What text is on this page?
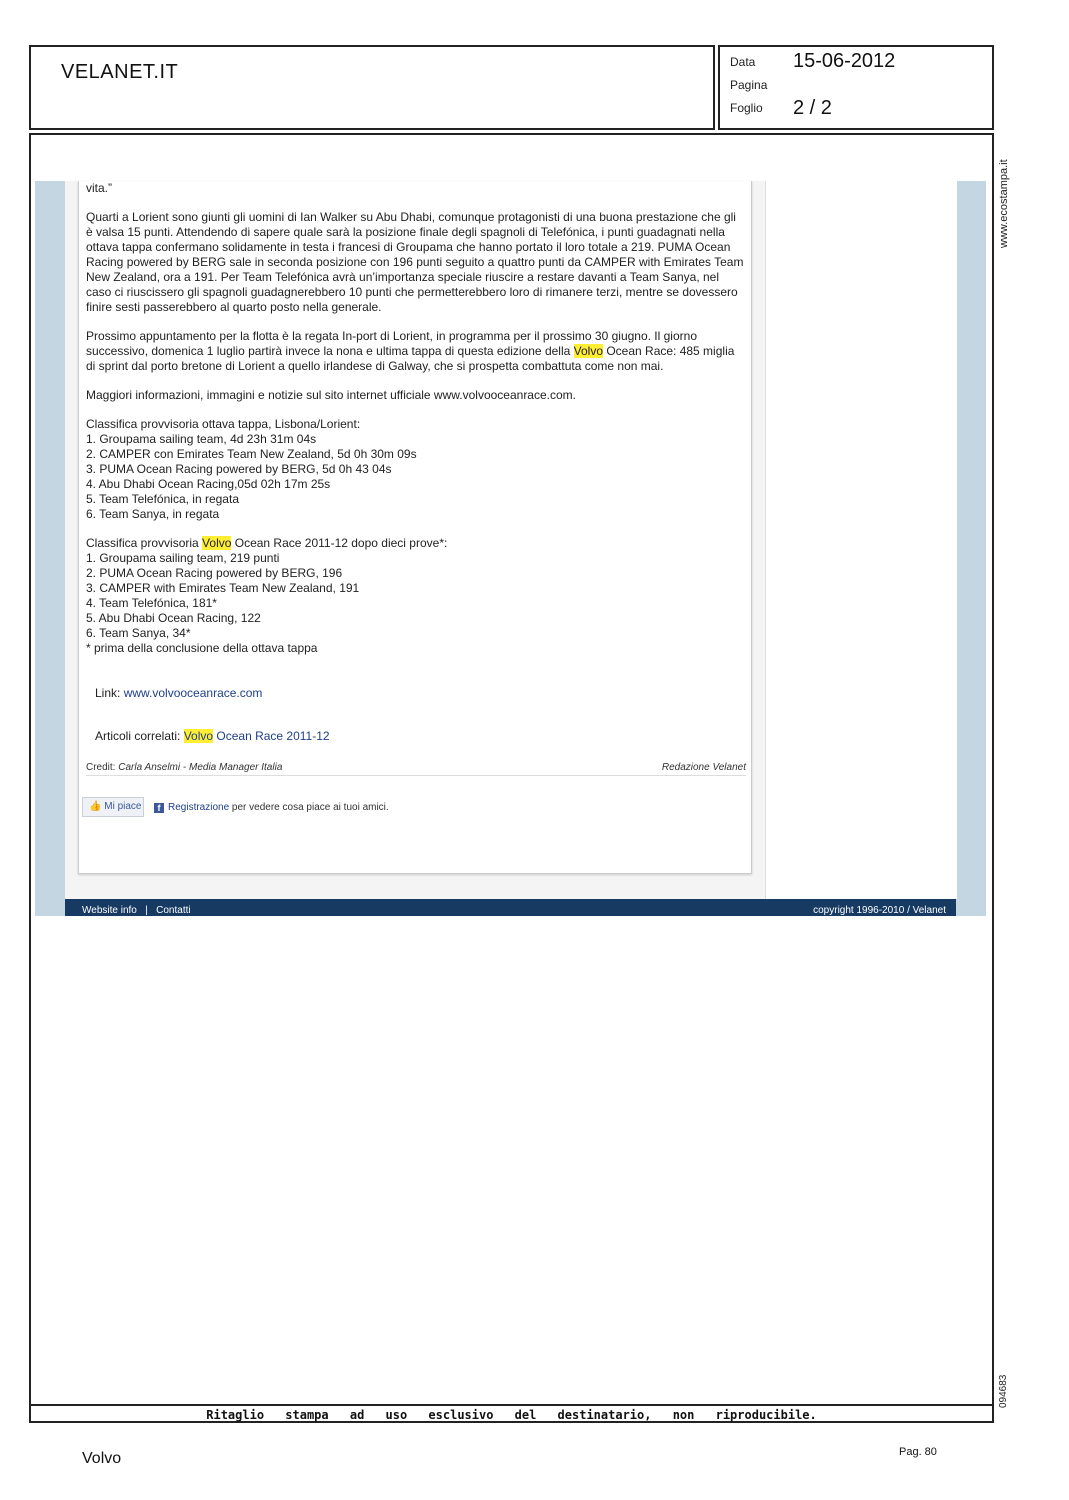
VELANET.IT	Data 15-06-2012
Pagina
Foglio 2 / 2
www.ecostampa.it
094683

vita.”

Quarti a Lorient sono giunti gli uomini di Ian Walker su Abu Dhabi, comunque protagonisti di una buona prestazione che gli
è valsa 15 punti. Attendendo di sapere quale sarà la posizione finale degli spagnoli di Telefónica, i punti guadagnati nella
ottava tappa confermano solidamente in testa i francesi di Groupama che hanno portato il loro totale a 219. PUMA Ocean
Racing powered by BERG sale in seconda posizione con 196 punti seguito a quattro punti da CAMPER with Emirates Team
New Zealand, ora a 191. Per Team Telefónica avrà un’importanza speciale riuscire a restare davanti a Team Sanya, nel
caso ci riuscissero gli spagnoli guadagnerebbero 10 punti che permetterebbero loro di rimanere terzi, mentre se dovessero
finire sesti passerebbero al quarto posto nella generale.

Prossimo appuntamento per la flotta è la regata In-port di Lorient, in programma per il prossimo 30 giugno. Il giorno
successivo, domenica 1 luglio partirà invece la nona e ultima tappa di questa edizione della Volvo Ocean Race: 485 miglia
di sprint dal porto bretone di Lorient a quello irlandese di Galway, che si prospetta combattuta come non mai.

Maggiori informazioni, immagini e notizie sul sito internet ufficiale www.volvooceanrace.com.

Classifica provvisoria ottava tappa, Lisbona/Lorient:
1. Groupama sailing team, 4d 23h 31m 04s
2. CAMPER con Emirates Team New Zealand, 5d 0h 30m 09s
3. PUMA Ocean Racing powered by BERG, 5d 0h 43 04s
4. Abu Dhabi Ocean Racing,05d 02h 17m 25s
5. Team Telefónica, in regata
6. Team Sanya, in regata

Classifica provvisoria Volvo Ocean Race 2011-12 dopo dieci prove*:
1. Groupama sailing team, 219 punti
2. PUMA Ocean Racing powered by BERG, 196
3. CAMPER with Emirates Team New Zealand, 191
4. Team Telefónica, 181*
5. Abu Dhabi Ocean Racing, 122
6. Team Sanya, 34*
* prima della conclusione della ottava tappa

Link: www.volvooceanrace.com
Articoli correlati: Volvo Ocean Race 2011-12
Credit: Carla Anselmi - Media Manager Italia	Redazione Velanet
👍 Mi piace	f Registrazione per vedere cosa piace ai tuoi amici.
Website info | Contatti	copyright 1996-2010 / Velanet
Ritaglio stampa ad uso esclusivo del destinatario, non riproducibile.
Volvo	Pag. 80
